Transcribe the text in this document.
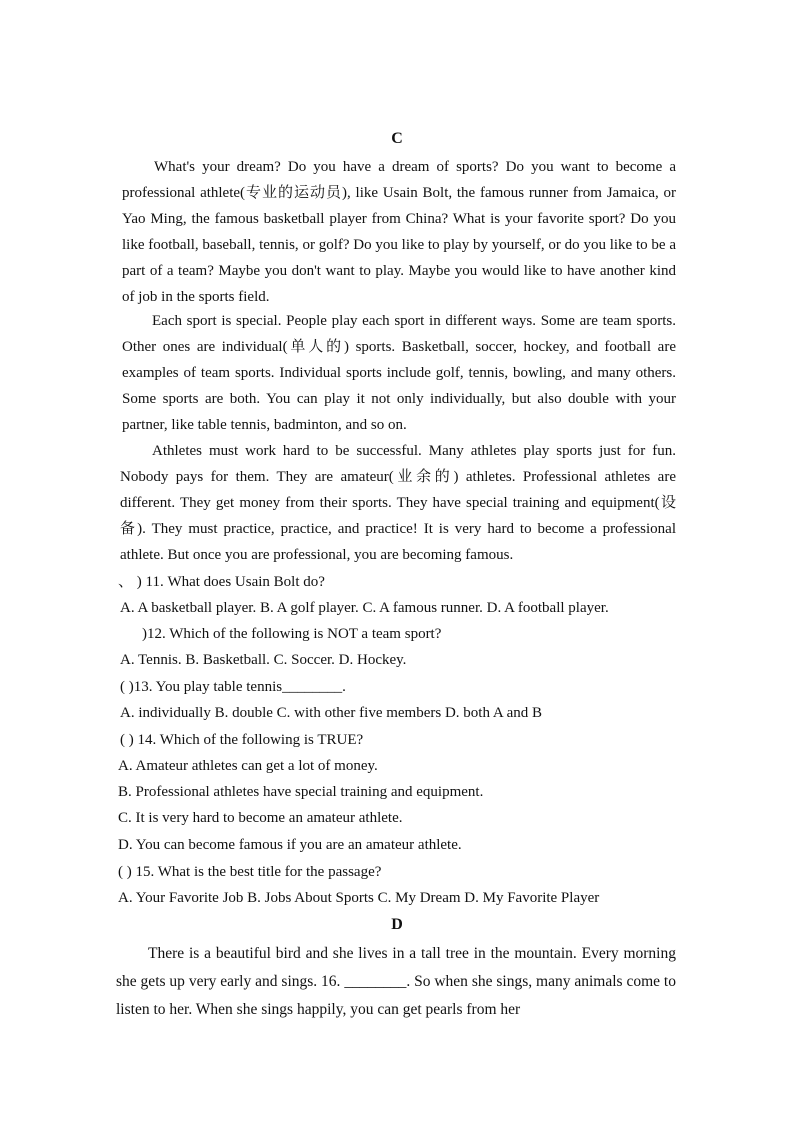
C

What's your dream? Do you have a dream of sports? Do you want to become a professional athlete(专业的运动员), like Usain Bolt, the famous runner from Jamaica, or Yao Ming, the famous basketball player from China? What is your favorite sport? Do you like football, baseball, tennis, or golf? Do you like to play by yourself, or do you like to be a part of a team? Maybe you don't want to play. Maybe you would like to have another kind of job in the sports field.

Each sport is special. People play each sport in different ways. Some are team sports. Other ones are individual(单人的) sports. Basketball, soccer, hockey, and football are examples of team sports. Individual sports include golf, tennis, bowling, and many others. Some sports are both. You can play it not only individually, but also double with your partner, like table tennis, badminton, and so on.

Athletes must work hard to be successful. Many athletes play sports just for fun. Nobody pays for them. They are amateur(业余的) athletes. Professional athletes are different. They get money from their sports. They have special training and equipment(设备). They must practice, practice, and practice! It is very hard to become a professional athlete. But once you are professional, you are becoming famous.

、 ) 11. What does Usain Bolt do?
A. A basketball player. B. A golf player. C. A famous runner. D. A football player.
)12. Which of the following is NOT a team sport?
A. Tennis. B. Basketball. C. Soccer. D. Hockey.
( )13. You play table tennis________.
A. individually B. double C. with other five members D. both A and B
( ) 14. Which of the following is TRUE?
A. Amateur athletes can get a lot of money.
B. Professional athletes have special training and equipment.
C. It is very hard to become an amateur athlete.
D. You can become famous if you are an amateur athlete.
( ) 15. What is the best title for the passage?
A. Your Favorite Job B. Jobs About Sports C. My Dream D. My Favorite Player
D

There is a beautiful bird and she lives in a tall tree in the mountain. Every morning she gets up very early and sings. 16. ________. So when she sings, many animals come to listen to her. When she sings happily, you can get pearls from her
